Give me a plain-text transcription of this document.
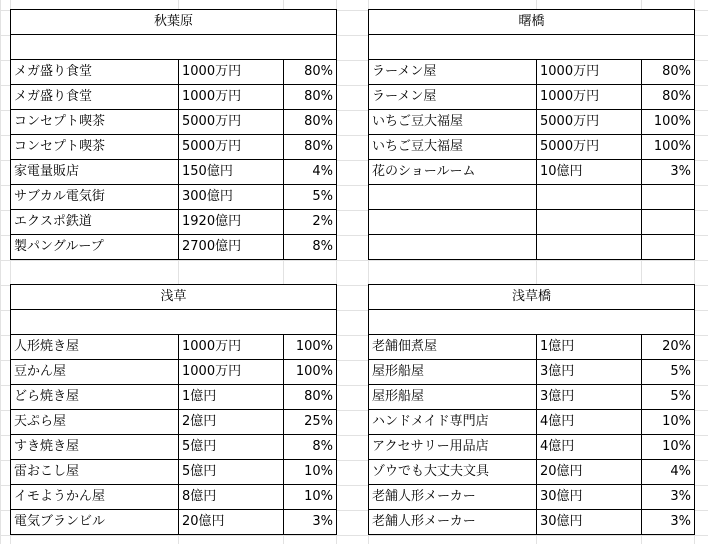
秋葉原		

メガ盛り食堂	1000万円	80%
メガ盛り食堂	1000万円	80%
コンセプト喫茶	5000万円	80%
コンセプト喫茶	5000万円	80%
家電量販店	150億円	4%
サブカル電気街	300億円	5%
エクスポ鉄道	1920億円	2%
製パングループ	2700億円	8%
曙橋		

ラーメン屋	1000万円	80%
ラーメン屋	1000万円	80%
いちご豆大福屋	5000万円	100%
いちご豆大福屋	5000万円	100%
花のショールーム	10億円	3%

浅草		

人形焼き屋	1000万円	100%
豆かん屋	1000万円	100%
どら焼き屋	1億円	80%
天ぷら屋	2億円	25%
すき焼き屋	5億円	8%
雷おこし屋	5億円	10%
イモようかん屋	8億円	10%
電気ブランビル	20億円	3%
浅草橋		

老舗佃煮屋	1億円	20%
屋形船屋	3億円	5%
屋形船屋	3億円	5%
ハンドメイド専門店	4億円	10%
アクセサリー用品店	4億円	10%
ゾウでも大丈夫文具	20億円	4%
老舗人形メーカー	30億円	3%
老舗人形メーカー	30億円	3%
